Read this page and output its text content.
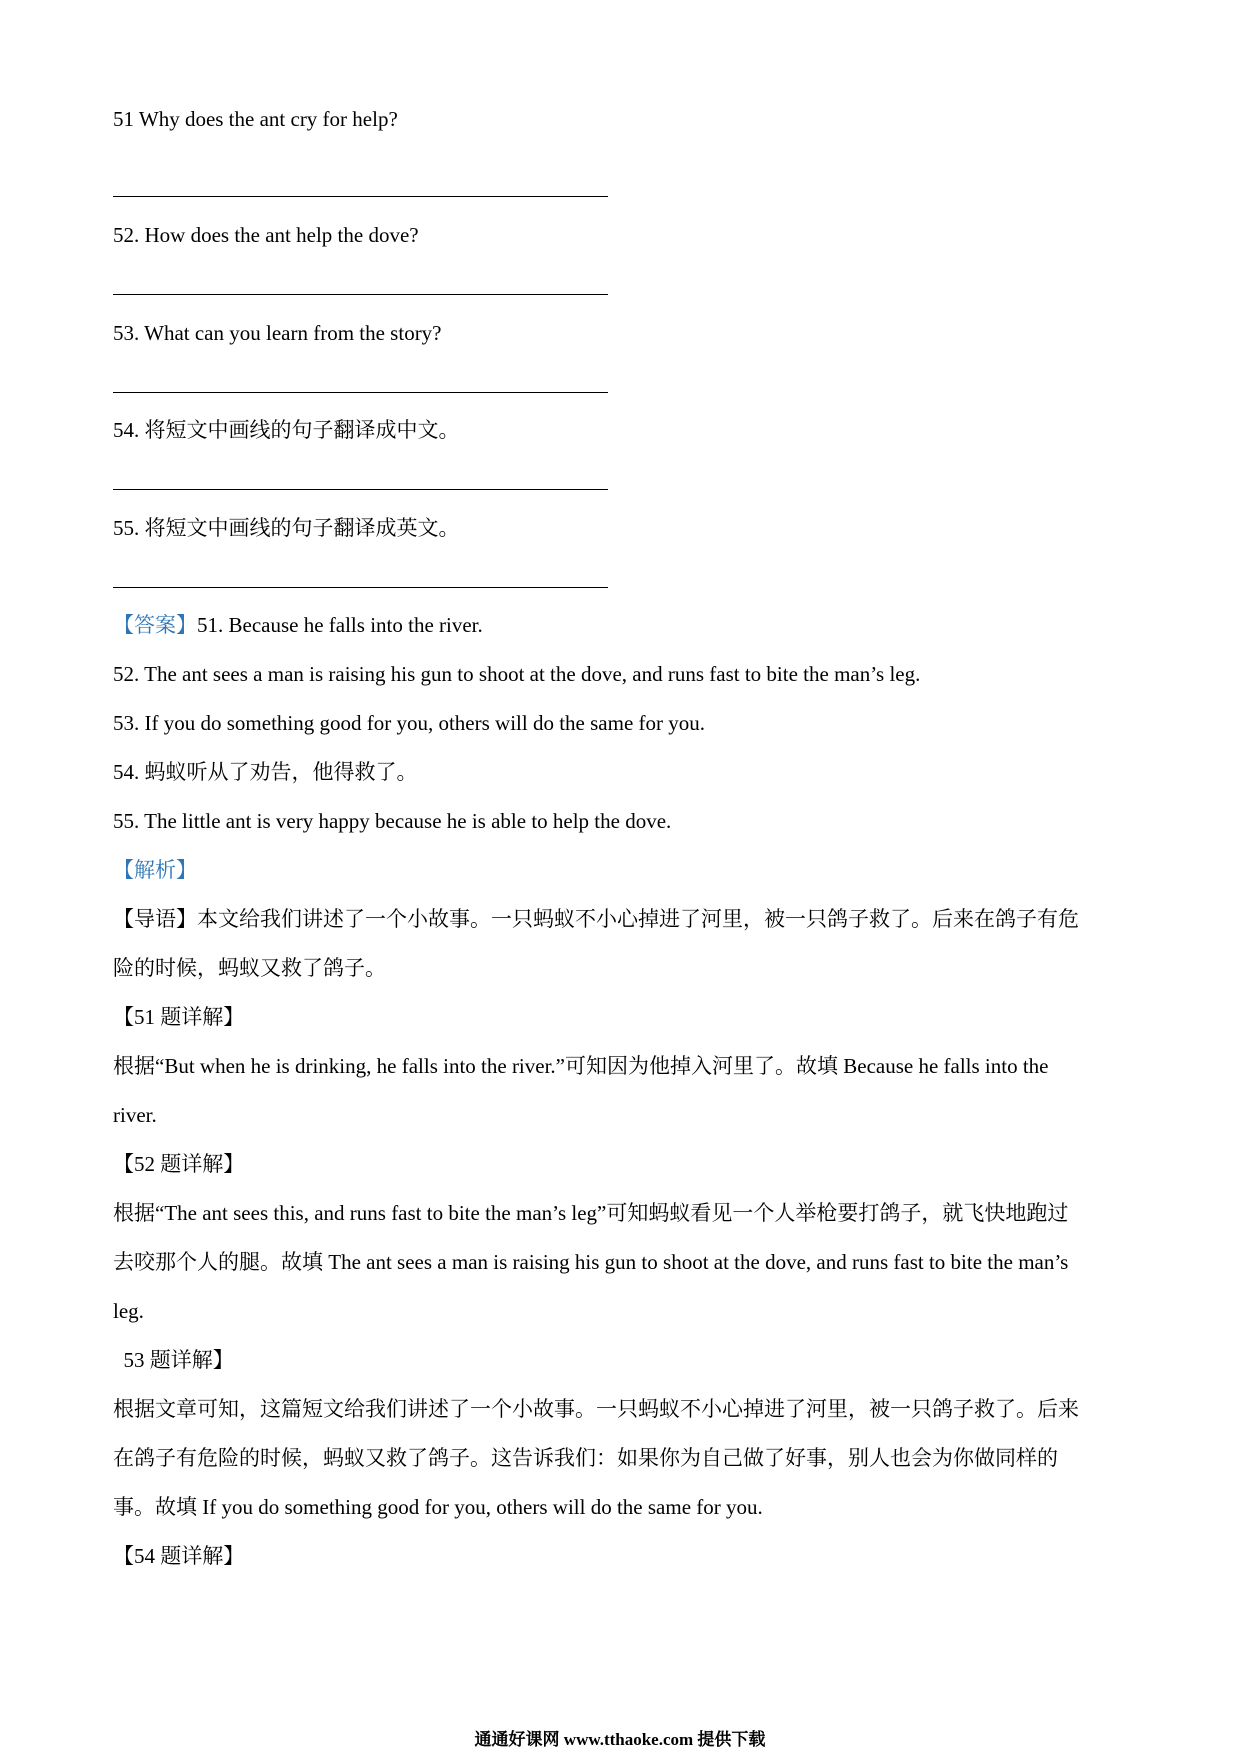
51 Why does the ant cry for help?

52. How does the ant help the dove?

53. What can you learn from the story?

54. 将短文中画线的句子翻译成中文。

55. 将短文中画线的句子翻译成英文。

【答案】51. Because he falls into the river.

52. The ant sees a man is raising his gun to shoot at the dove, and runs fast to bite the man’s leg.

53. If you do something good for you, others will do the same for you.

54. 蚂蚁听从了劝告，他得救了。

55. The little ant is very happy because he is able to help the dove.

【解析】

【导语】本文给我们讲述了一个小故事。一只蚂蚁不小心掉进了河里，被一只鸽子救了。后来在鸽子有危

险的时候，蚂蚁又救了鸽子。

【51 题详解】

根据“But when he is drinking, he falls into the river.”可知因为他掉入河里了。故填 Because he falls into the

river.

【52 题详解】

根据“The ant sees this, and runs fast to bite the man’s leg”可知蚂蚁看见一个人举枪要打鸽子，就飞快地跑过

去咬那个人的腿。故填 The ant sees a man is raising his gun to shoot at the dove, and runs fast to bite the man’s

leg.

53 题详解】

根据文章可知，这篇短文给我们讲述了一个小故事。一只蚂蚁不小心掉进了河里，被一只鸽子救了。后来

在鸽子有危险的时候，蚂蚁又救了鸽子。这告诉我们：如果你为自己做了好事，别人也会为你做同样的

事。故填 If you do something good for you, others will do the same for you.

【54 题详解】

通通好课网 www.tthaoke.com 提供下载
